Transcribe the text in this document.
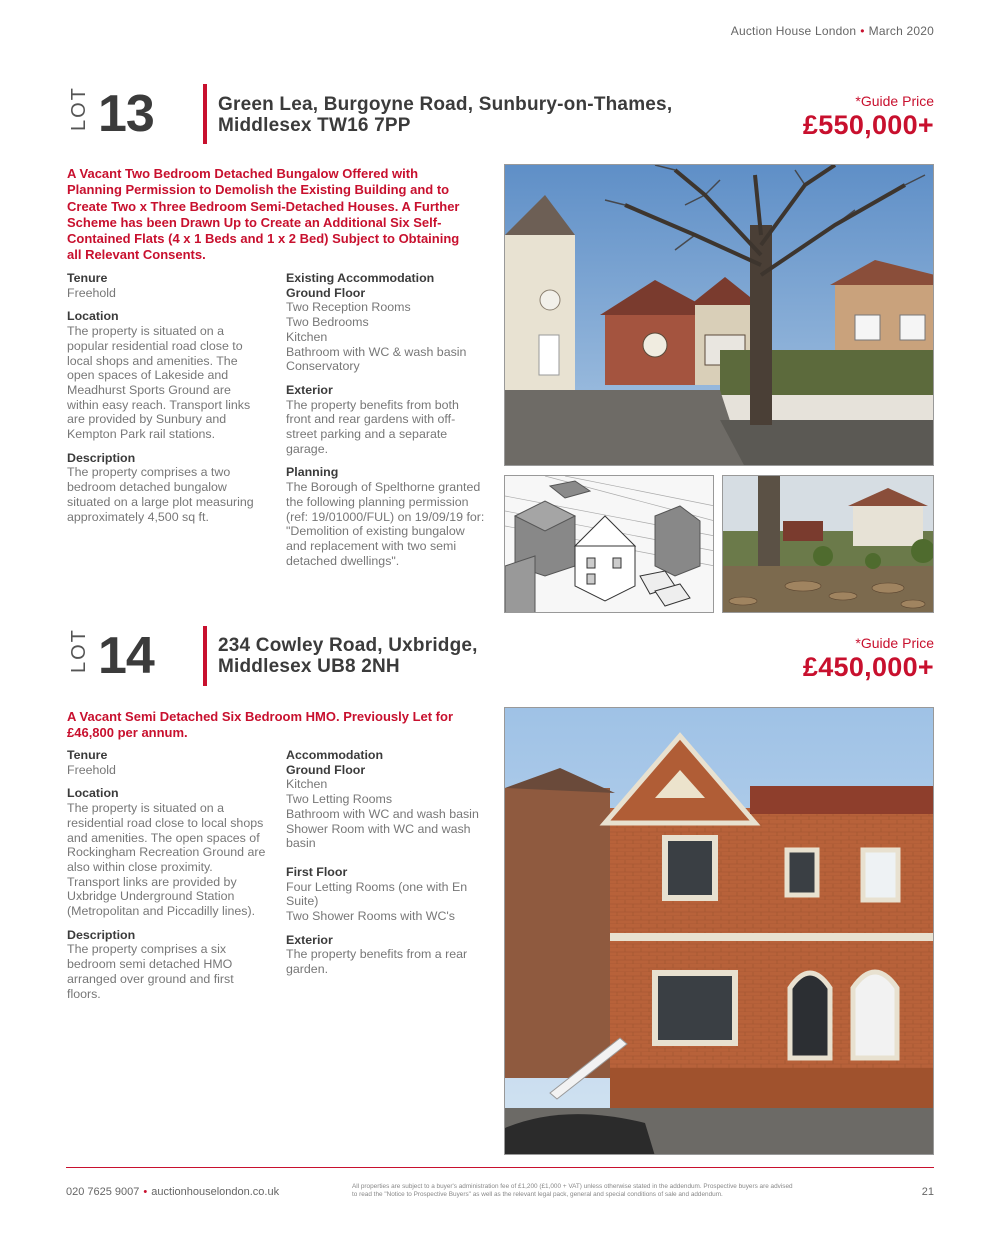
Auction House London • March 2020
LOT 13	Green Lea, Burgoyne Road, Sunbury-on-Thames,
Middlesex TW16 7PP
*Guide Price
£550,000+
A Vacant Two Bedroom Detached Bungalow Offered with
Planning Permission to Demolish the Existing Building and to
Create Two x Three Bedroom Semi-Detached Houses. A Further
Scheme has been Drawn Up to Create an Additional Six Self-
Contained Flats (4 x 1 Beds and 1 x 2 Bed) Subject to Obtaining
all Relevant Consents.
Tenure
Freehold
Location
The property is situated on a
popular residential road close to
local shops and amenities. The
open spaces of Lakeside and
Meadhurst Sports Ground are
within easy reach. Transport links
are provided by Sunbury and
Kempton Park rail stations.
Description
The property comprises a two
bedroom detached bungalow
situated on a large plot measuring
approximately 4,500 sq ft.
Existing Accommodation
Ground Floor
Two Reception Rooms
Two Bedrooms
Kitchen
Bathroom with WC & wash basin
Conservatory
Exterior
The property benefits from both
front and rear gardens with off-
street parking and a separate
garage.
Planning
The Borough of Spelthorne granted
the following planning permission
(ref: 19/01000/FUL) on 19/09/19 for:
"Demolition of existing bungalow
and replacement with two semi
detached dwellings".
LOT 14	234 Cowley Road, Uxbridge,
Middlesex UB8 2NH
*Guide Price
£450,000+
A Vacant Semi Detached Six Bedroom HMO. Previously Let for
£46,800 per annum.
Tenure
Freehold
Location
The property is situated on a
residential road close to local shops
and amenities. The open spaces of
Rockingham Recreation Ground are
also within close proximity.
Transport links are provided by
Uxbridge Underground Station
(Metropolitan and Piccadilly lines).
Description
The property comprises a six
bedroom semi detached HMO
arranged over ground and first
floors.
Accommodation
Ground Floor
Kitchen
Two Letting Rooms
Bathroom with WC and wash basin
Shower Room with WC and wash
basin
First Floor
Four Letting Rooms (one with En
Suite)
Two Shower Rooms with WC's
Exterior
The property benefits from a rear
garden.
020 7625 9007 • auctionhouselondon.co.uk	All properties are subject to a buyer's administration fee of £1,200 (£1,000 + VAT) unless otherwise stated in the addendum. Prospective buyers are advised
to read the "Notice to Prospective Buyers" as well as the relevant legal pack, general and special conditions of sale and addendum.	21
